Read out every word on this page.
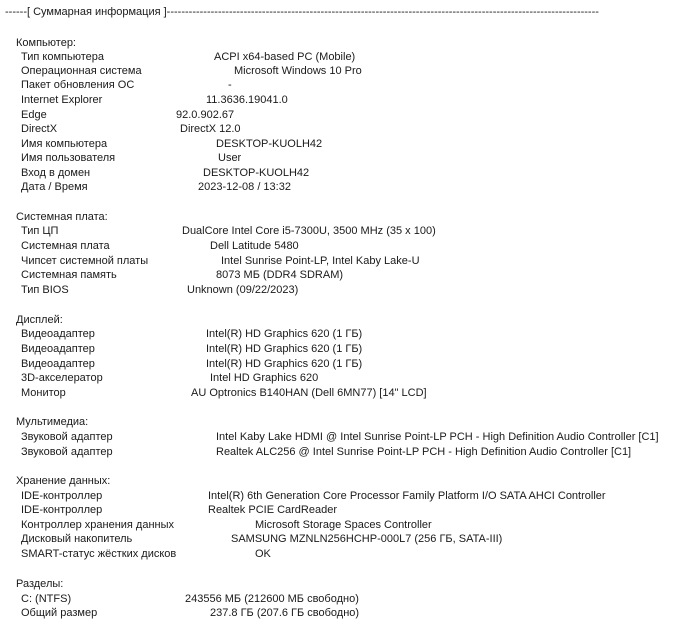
------[ Суммарная информация ]----------------------------------------------------------------------------------------------------------------------
Компьютер:
Тип компьютера	ACPI x64-based PC (Mobile)
Операционная система	Microsoft Windows 10 Pro
Пакет обновления ОС	-
Internet Explorer	11.3636.19041.0
Edge	92.0.902.67
DirectX	DirectX 12.0
Имя компьютера	DESKTOP-KUOLH42
Имя пользователя	User
Вход в домен	DESKTOP-KUOLH42
Дата / Время	2023-12-08 / 13:32
Системная плата:
Тип ЦП	DualCore Intel Core i5-7300U, 3500 MHz (35 x 100)
Системная плата	Dell Latitude 5480
Чипсет системной платы	Intel Sunrise Point-LP, Intel Kaby Lake-U
Системная память	8073 МБ (DDR4 SDRAM)
Тип BIOS	Unknown (09/22/2023)
Дисплей:
Видеоадаптер	Intel(R) HD Graphics 620 (1 ГБ)
Видеоадаптер	Intel(R) HD Graphics 620 (1 ГБ)
Видеоадаптер	Intel(R) HD Graphics 620 (1 ГБ)
3D-акселератор	Intel HD Graphics 620
Монитор	AU Optronics B140HAN (Dell 6MN77) [14" LCD]
Мультимедиа:
Звуковой адаптер	Intel Kaby Lake HDMI @ Intel Sunrise Point-LP PCH - High Definition Audio Controller [C1]
Звуковой адаптер	Realtek ALC256 @ Intel Sunrise Point-LP PCH - High Definition Audio Controller [C1]
Хранение данных:
IDE-контроллер	Intel(R) 6th Generation Core Processor Family Platform I/O SATA AHCI Controller
IDE-контроллер	Realtek PCIE CardReader
Контроллер хранения данных	Microsoft Storage Spaces Controller
Дисковый накопитель	SAMSUNG MZNLN256HCHP-000L7 (256 ГБ, SATA-III)
SMART-статус жёстких дисков	OK
Разделы:
C: (NTFS)	243556 МБ (212600 МБ свободно)
Общий размер	237.8 ГБ (207.6 ГБ свободно)
